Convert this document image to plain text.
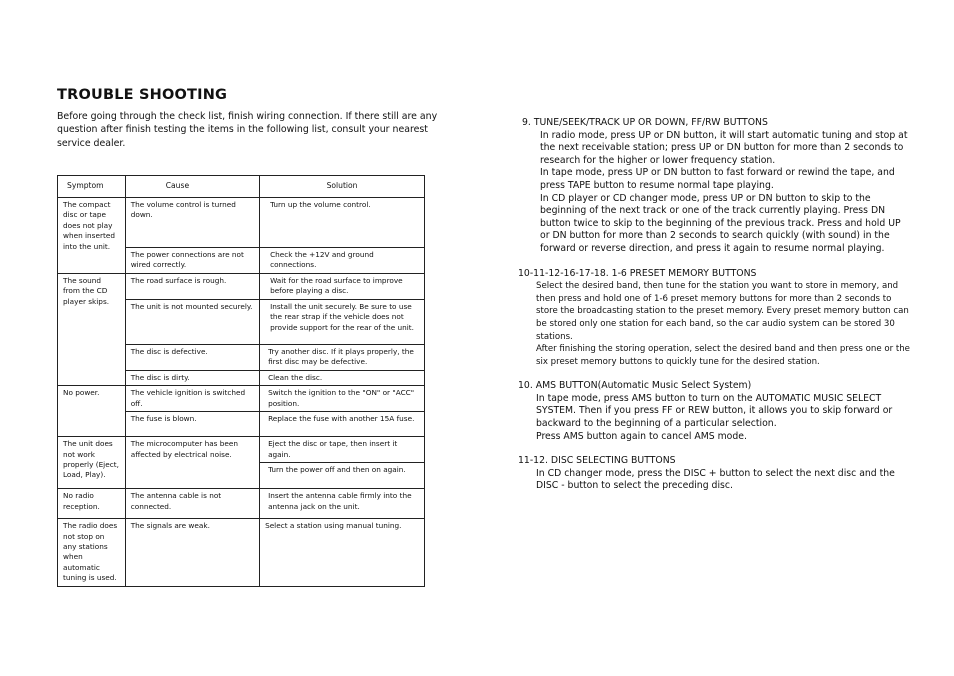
TROUBLE SHOOTING
Before going through the check list, finish wiring connection. If there still are any question after finish testing the items in the following list, consult your nearest service dealer.
Symptom	Cause	Solution
The compact disc or tape does not play when inserted into the unit.	The volume control is turned down.	Turn up the volume control.
	The power connections are not wired correctly.	Check the +12V and ground connections.
The sound from the CD player skips.	The road surface is rough.	Wait for the road surface to improve before playing a disc.
	The unit is not mounted securely.	Install the unit securely. Be sure to use the rear strap if the vehicle does not provide support for the rear of the unit.
	The disc is defective.	Try another disc. If it plays properly, the first disc may be defective.
	The disc is dirty.	Clean the disc.
No power.	The vehicle ignition is switched off.	Switch the ignition to the "ON" or "ACC" position.
	The fuse is blown.	Replace the fuse with another 15A fuse.
The unit does not work properly (Eject, Load, Play).	The microcomputer has been affected by electrical noise.	Eject the disc or tape, then insert it again.
		Turn the power off and then on again.
No radio reception.	The antenna cable is not connected.	Insert the antenna cable firmly into the antenna jack on the unit.
The radio does not stop on any stations when automatic tuning is used.	The signals are weak.	Select a station using manual tuning.
9. TUNE/SEEK/TRACK UP OR DOWN, FF/RW BUTTONS

In radio mode, press UP or DN button, it will start automatic tuning and stop at the next receivable station; press UP or DN button for more than 2 seconds to research for the higher or lower frequency station.

In tape mode, press UP or DN button to fast forward or rewind the tape, and press TAPE button to resume normal tape playing.

In CD player or CD changer mode, press UP or DN button to skip to the beginning of the next track or one of the track currently playing. Press DN button twice to skip to the beginning of the previous track. Press and hold UP or DN button for more than 2 seconds to search quickly (with sound) in the forward or reverse direction, and press it again to resume normal playing.

10-11-12-16-17-18. 1-6 PRESET MEMORY BUTTONS

Select the desired band, then tune for the station you want to store in memory, and then press and hold one of 1-6 preset memory buttons for more than 2 seconds to store the broadcasting station to the preset memory. Every preset memory button can be stored only one station for each band, so the car audio system can be stored 30 stations.

After finishing the storing operation, select the desired band and then press one or the six preset memory buttons to quickly tune for the desired station.

10. AMS BUTTON(Automatic Music Select System)

In tape mode, press AMS button to turn on the AUTOMATIC MUSIC SELECT SYSTEM. Then if you press FF or REW button, it allows you to skip forward or backward to the beginning of a particular selection.

Press AMS button again to cancel AMS mode.

11-12. DISC SELECTING BUTTONS

In CD changer mode, press the DISC + button to select the next disc and the DISC - button to select the preceding disc.
